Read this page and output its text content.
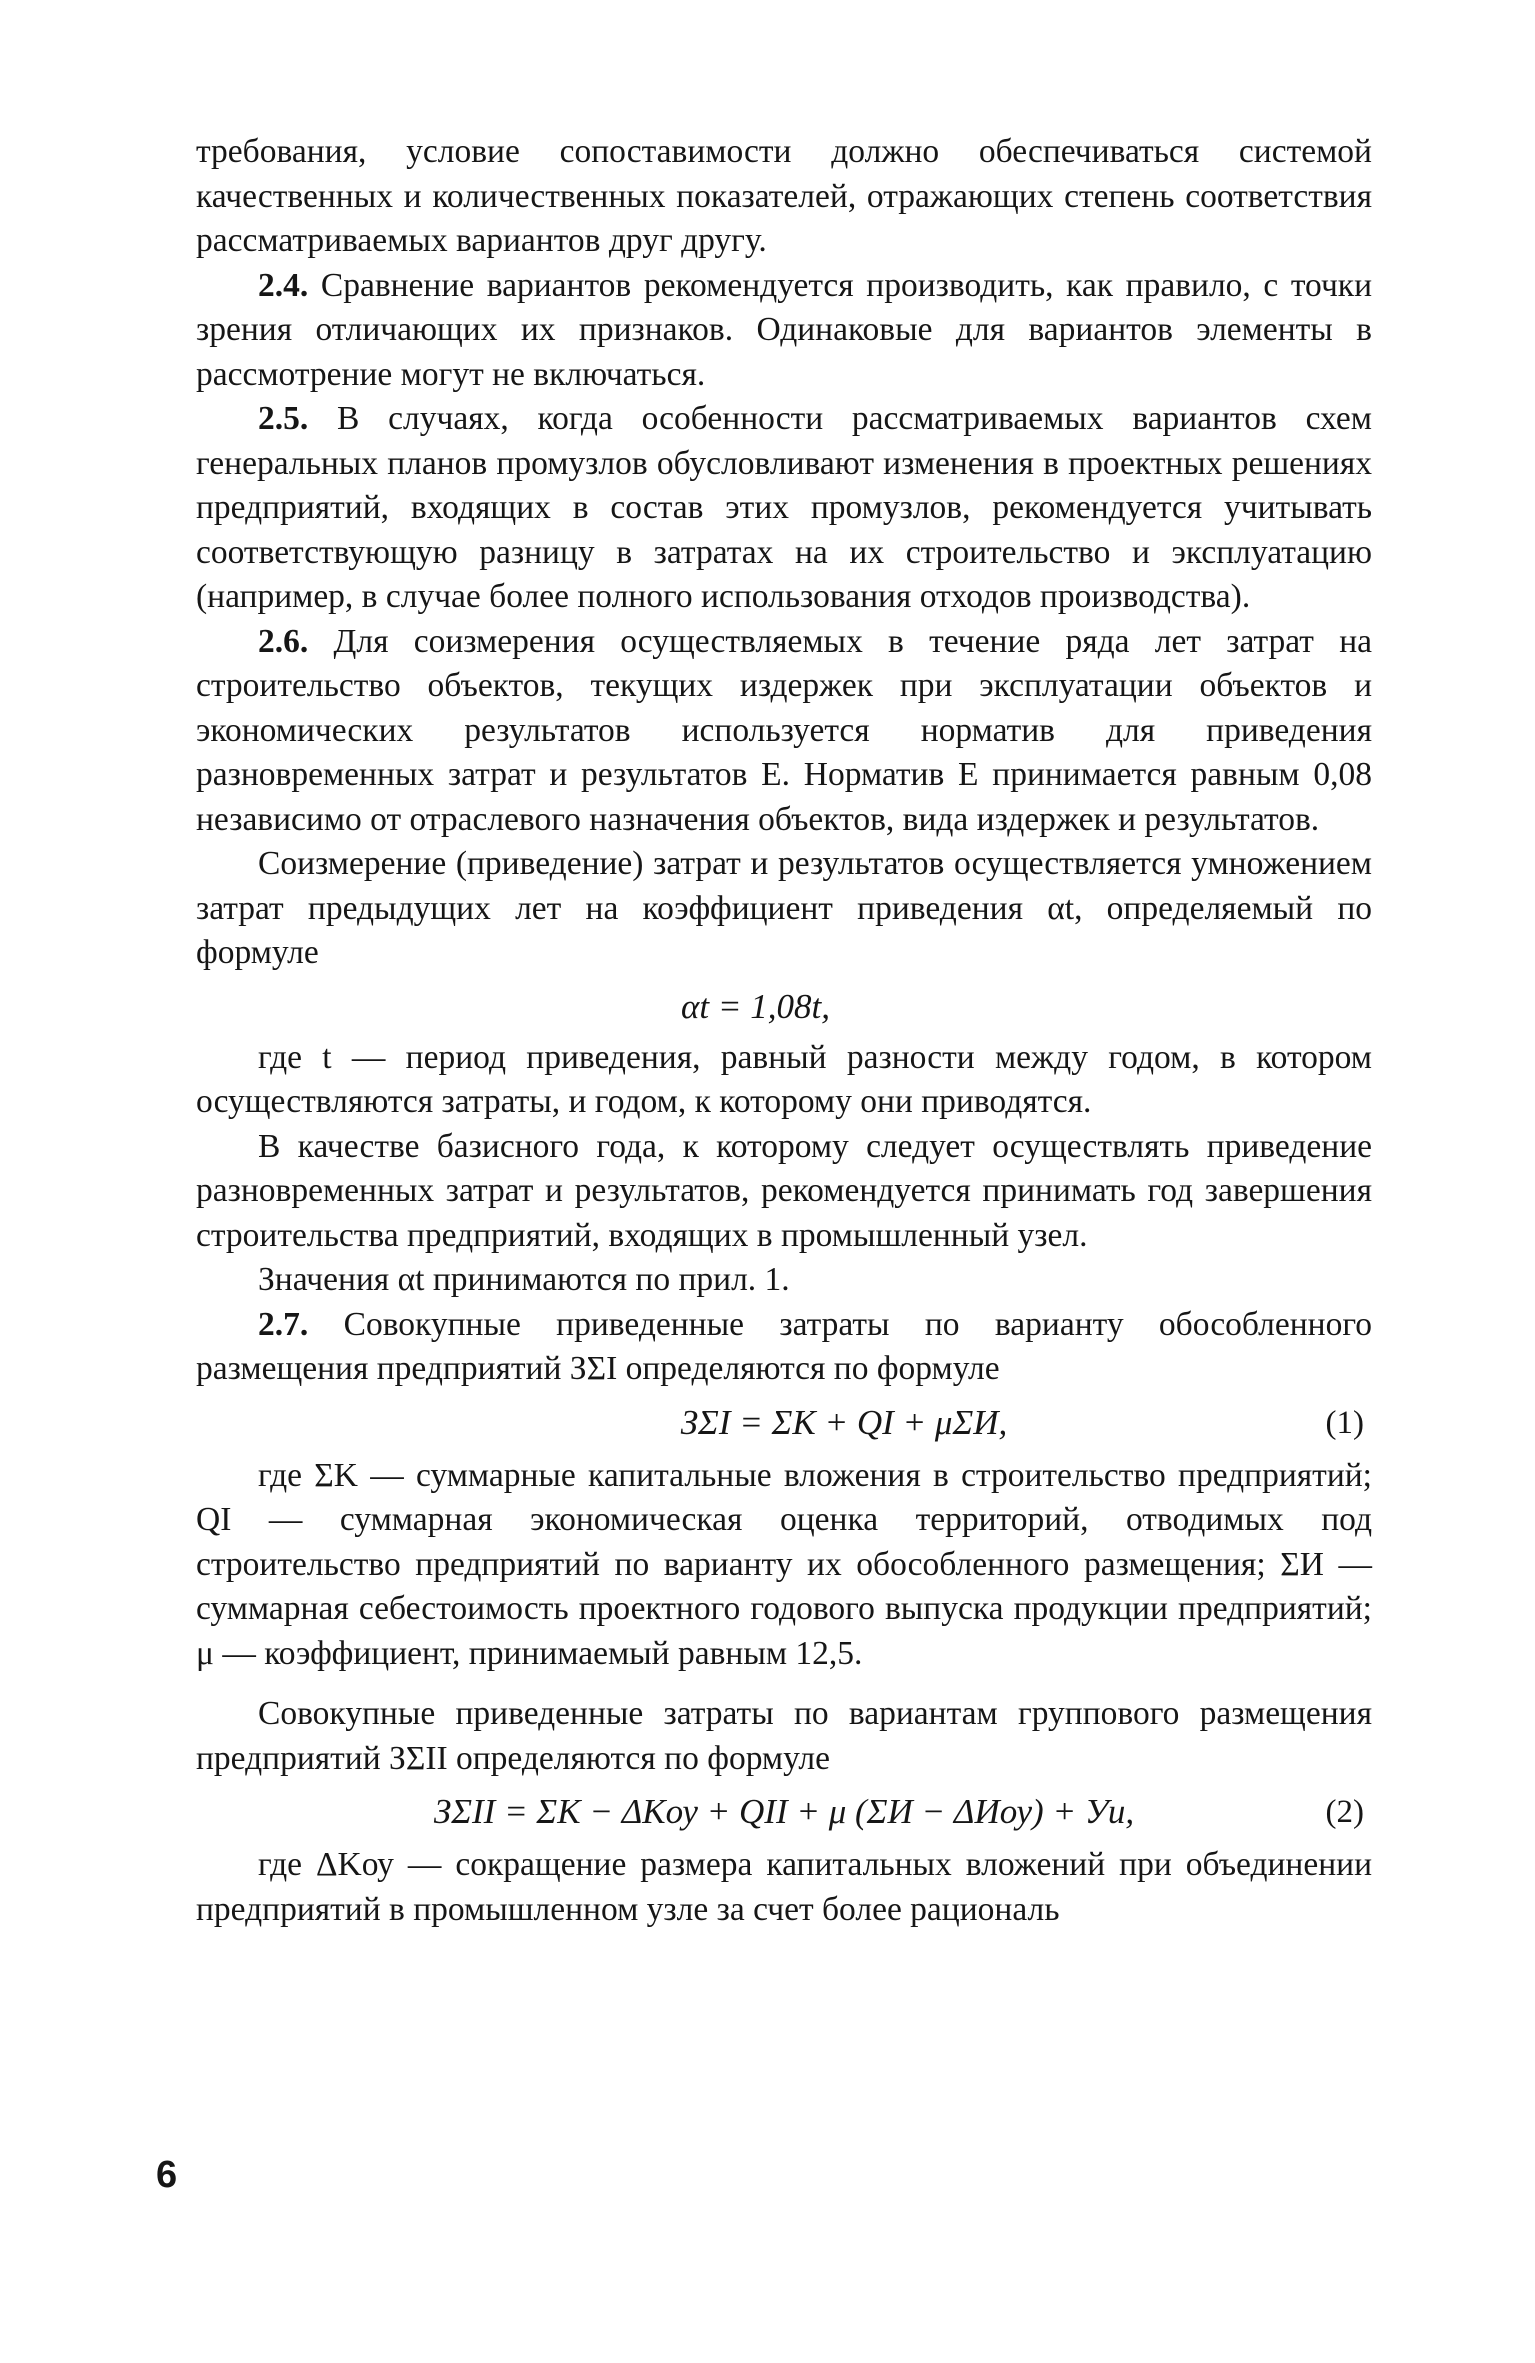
требования, условие сопоставимости должно обеспечиваться системой качественных и количественных показателей, отражающих степень соответствия рассматриваемых вариантов друг другу.

2.4. Сравнение вариантов рекомендуется производить, как правило, с точки зрения отличающих их признаков. Одинаковые для вариантов элементы в рассмотрение могут не включаться.

2.5. В случаях, когда особенности рассматриваемых вариантов схем генеральных планов промузлов обусловливают изменения в проектных решениях предприятий, входящих в состав этих промузлов, рекомендуется учитывать соответствующую разницу в затратах на их строительство и эксплуатацию (например, в случае более полного использования отходов производства).

2.6. Для соизмерения осуществляемых в течение ряда лет затрат на строительство объектов, текущих издержек при эксплуатации объектов и экономических результатов используется норматив для приведения разновременных затрат и результатов E. Норматив E принимается равным 0,08 независимо от отраслевого назначения объектов, вида издержек и результатов.

Соизмерение (приведение) затрат и результатов осуществляется умножением затрат предыдущих лет на коэффициент приведения αt, определяемый по формуле

αt = 1,08t,

где t — период приведения, равный разности между годом, в котором осуществляются затраты, и годом, к которому они приводятся.

В качестве базисного года, к которому следует осуществлять приведение разновременных затрат и результатов, рекомендуется принимать год завершения строительства предприятий, входящих в промышленный узел.

Значения αt принимаются по прил. 1.

2.7. Совокупные приведенные затраты по варианту обособленного размещения предприятий ЗΣI определяются по формуле

ЗΣI = ΣK + QI + μΣИ,	(1)

где ΣK — суммарные капитальные вложения в строительство предприятий; QI — суммарная экономическая оценка территорий, отводимых под строительство предприятий по варианту их обособленного размещения; ΣИ — суммарная себестоимость проектного годового выпуска продукции предприятий; μ — коэффициент, принимаемый равным 12,5.

Совокупные приведенные затраты по вариантам группового размещения предприятий ЗΣII определяются по формуле

ЗΣII = ΣK − ΔKоу + QII + μ (ΣИ − ΔИоу) + Уи,	(2)

где ΔKоу — сокращение размера капитальных вложений при объединении предприятий в промышленном узле за счет более рациональ

6
